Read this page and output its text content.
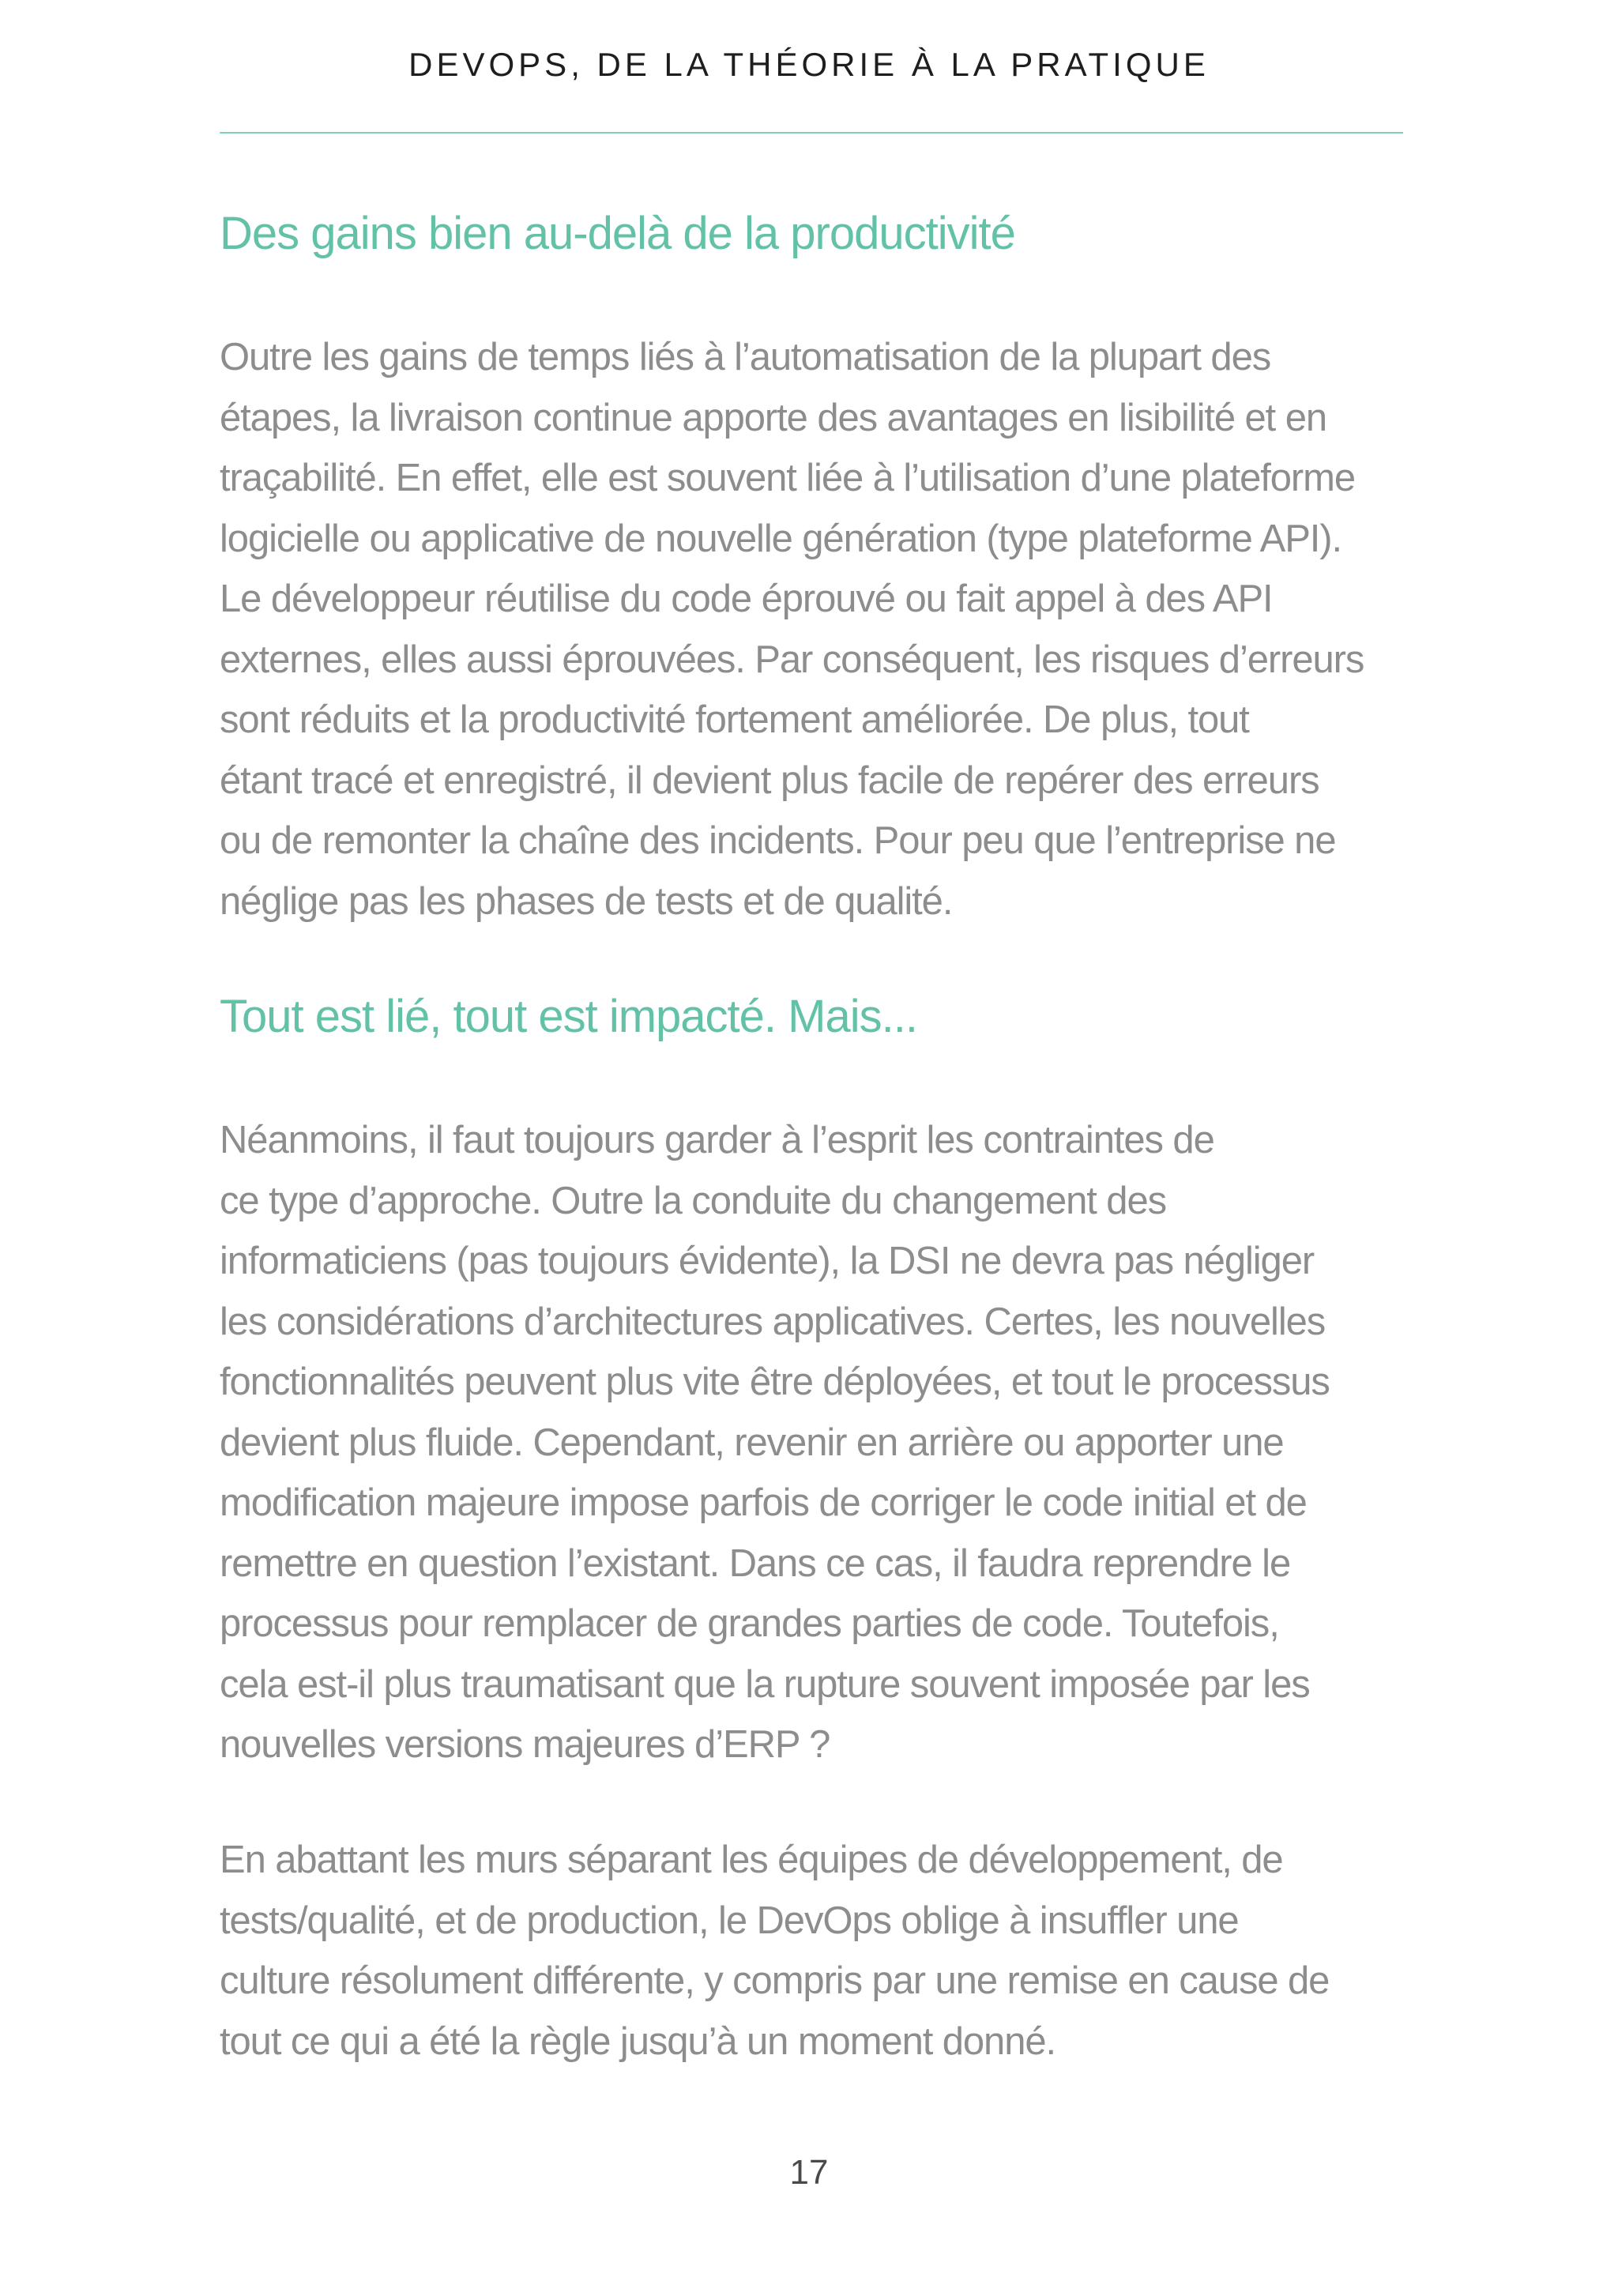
DEVOPS, DE LA THÉORIE À LA PRATIQUE
Des gains bien au-delà de la productivité

Outre les gains de temps liés à l’automatisation de la plupart des
étapes, la livraison continue apporte des avantages en lisibilité et en
traçabilité. En effet, elle est souvent liée à l’utilisation d’une plateforme
logicielle ou applicative de nouvelle génération (type plateforme API).
Le développeur réutilise du code éprouvé ou fait appel à des API
externes, elles aussi éprouvées. Par conséquent, les risques d’erreurs
sont réduits et la productivité fortement améliorée. De plus, tout
étant tracé et enregistré, il devient plus facile de repérer des erreurs
ou de remonter la chaîne des incidents. Pour peu que l’entreprise ne
néglige pas les phases de tests et de qualité.

Tout est lié, tout est impacté. Mais...

Néanmoins, il faut toujours garder à l’esprit les contraintes de
ce type d’approche. Outre la conduite du changement des
informaticiens (pas toujours évidente), la DSI ne devra pas négliger
les considérations d’architectures applicatives. Certes, les nouvelles
fonctionnalités peuvent plus vite être déployées, et tout le processus
devient plus fluide. Cependant, revenir en arrière ou apporter une
modification majeure impose parfois de corriger le code initial et de
remettre en question l’existant. Dans ce cas, il faudra reprendre le
processus pour remplacer de grandes parties de code. Toutefois,
cela est-il plus traumatisant que la rupture souvent imposée par les
nouvelles versions majeures d’ERP ?

En abattant les murs séparant les équipes de développement, de
tests/qualité, et de production, le DevOps oblige à insuffler une
culture résolument différente, y compris par une remise en cause de
tout ce qui a été la règle jusqu’à un moment donné.

17
